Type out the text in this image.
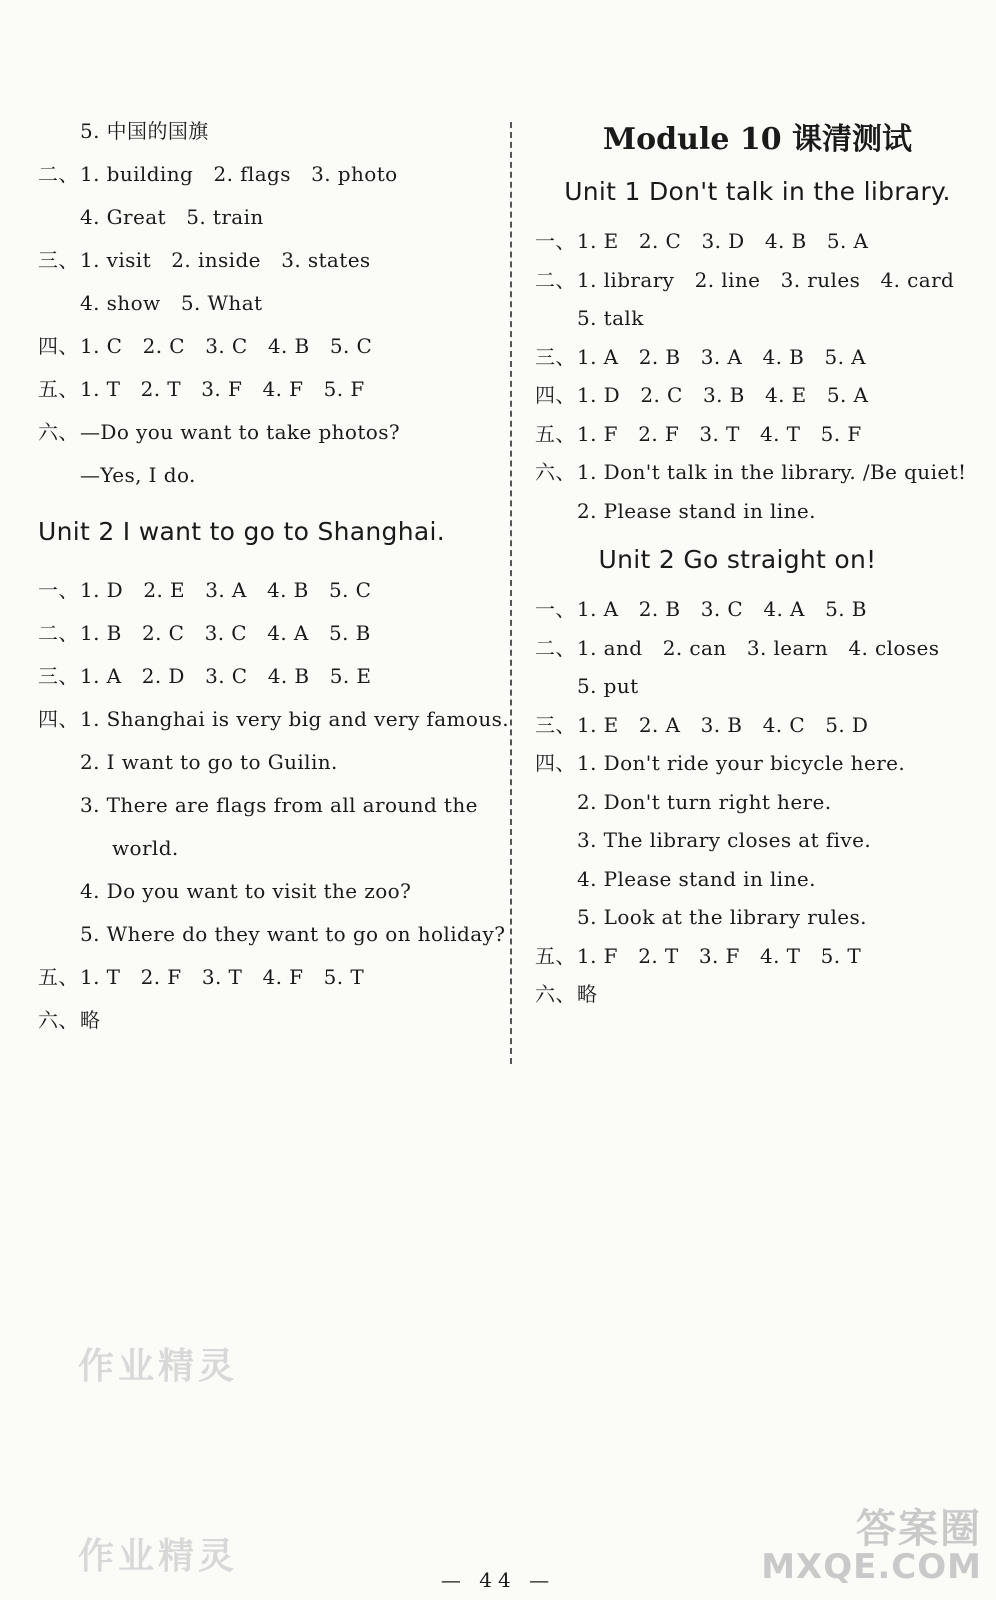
5. 中国的国旗
二、1. building   2. flags   3. photo
4. Great   5. train
三、1. visit   2. inside   3. states
4. show   5. What
四、1. C   2. C   3. C   4. B   5. C
五、1. T   2. T   3. F   4. F   5. F
六、—Do you want to take photos?
—Yes, I do.
Unit 2 I want to go to Shanghai.
一、1. D   2. E   3. A   4. B   5. C
二、1. B   2. C   3. C   4. A   5. B
三、1. A   2. D   3. C   4. B   5. E
四、1. Shanghai is very big and very famous.
2. I want to go to Guilin.
3. There are flags from all around the
world.
4. Do you want to visit the zoo?
5. Where do they want to go on holiday?
五、1. T   2. F   3. T   4. F   5. T
六、略
Module 10 课清测试
Unit 1 Don't talk in the library.
一、1. E   2. C   3. D   4. B   5. A
二、1. library   2. line   3. rules   4. card
5. talk
三、1. A   2. B   3. A   4. B   5. A
四、1. D   2. C   3. B   4. E   5. A
五、1. F   2. F   3. T   4. T   5. F
六、1. Don't talk in the library. /Be quiet!
2. Please stand in line.
Unit 2 Go straight on!
一、1. A   2. B   3. C   4. A   5. B
二、1. and   2. can   3. learn   4. closes
5. put
三、1. E   2. A   3. B   4. C   5. D
四、1. Don't ride your bicycle here.
2. Don't turn right here.
3. The library closes at five.
4. Please stand in line.
5. Look at the library rules.
五、1. F   2. T   3. F   4. T   5. T
六、略
作业精灵
作业精灵
— 44 —
答案圈
MXQE.COM
